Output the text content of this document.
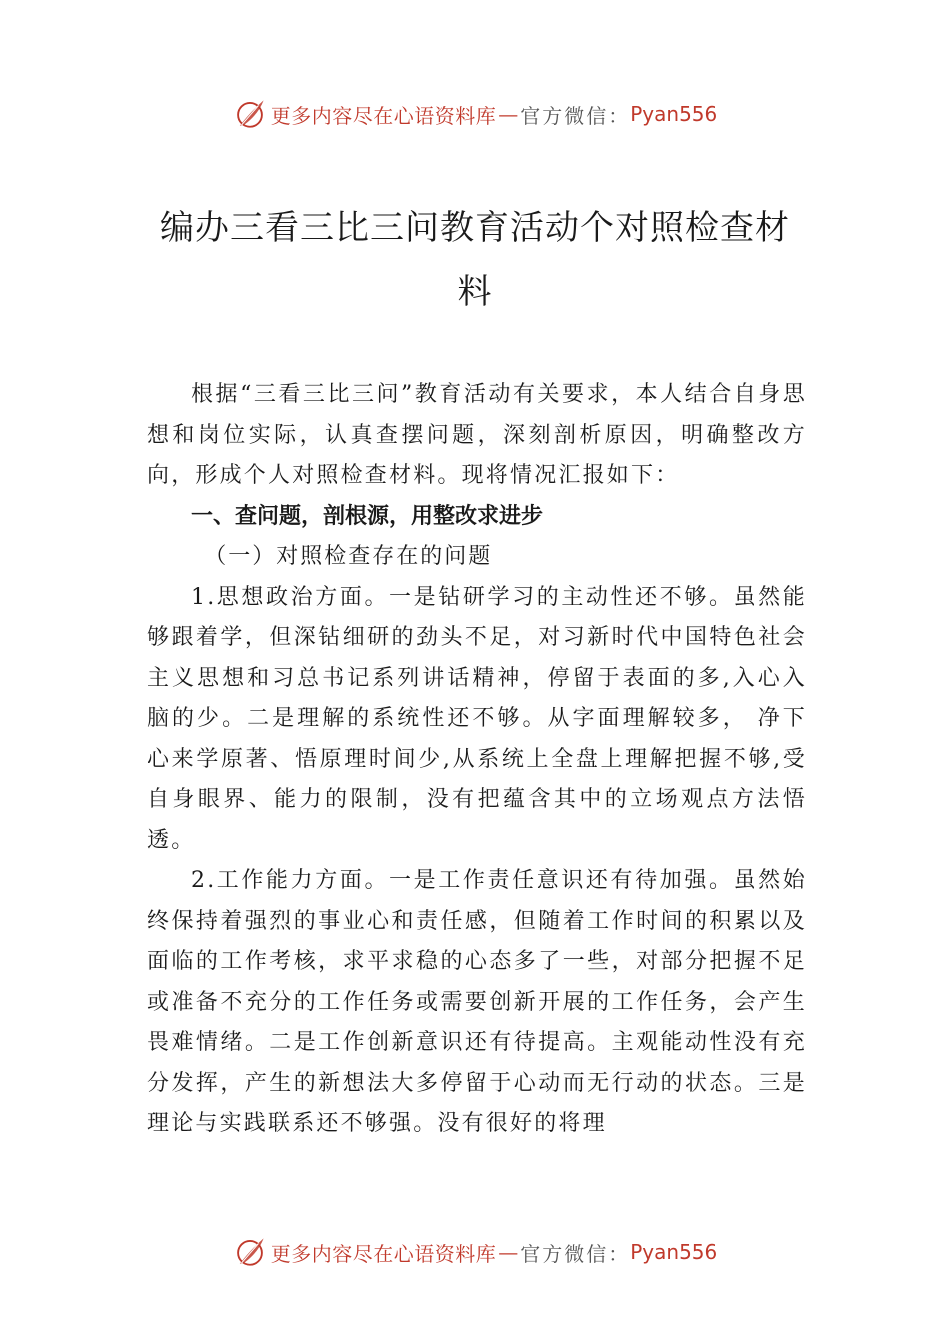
更多内容尽在心语资料库 — 官方微信： Pyan556
编办三看三比三问教育活动个对照检查材料

根据“三看三比三问”教育活动有关要求，本人结合自身思想和岗位实际，认真查摆问题，深刻剖析原因，明确整改方向，形成个人对照检查材料。现将情况汇报如下：

一、查问题，剖根源，用整改求进步

（一）对照检查存在的问题

1.思想政治方面。一是钻研学习的主动性还不够。虽然能够跟着学，但深钻细研的劲头不足，对习新时代中国特色社会主义思想和习总书记系列讲话精神，停留于表面的多,入心入脑的少。二是理解的系统性还不够。从字面理解较多， 净下心来学原著、悟原理时间少,从系统上全盘上理解把握不够,受自身眼界、能力的限制，没有把蕴含其中的立场观点方法悟透。

2.工作能力方面。一是工作责任意识还有待加强。虽然始终保持着强烈的事业心和责任感，但随着工作时间的积累以及面临的工作考核，求平求稳的心态多了一些，对部分把握不足或准备不充分的工作任务或需要创新开展的工作任务，会产生畏难情绪。二是工作创新意识还有待提高。主观能动性没有充分发挥，产生的新想法大多停留于心动而无行动的状态。三是理论与实践联系还不够强。没有很好的将理

更多内容尽在心语资料库 — 官方微信： Pyan556
